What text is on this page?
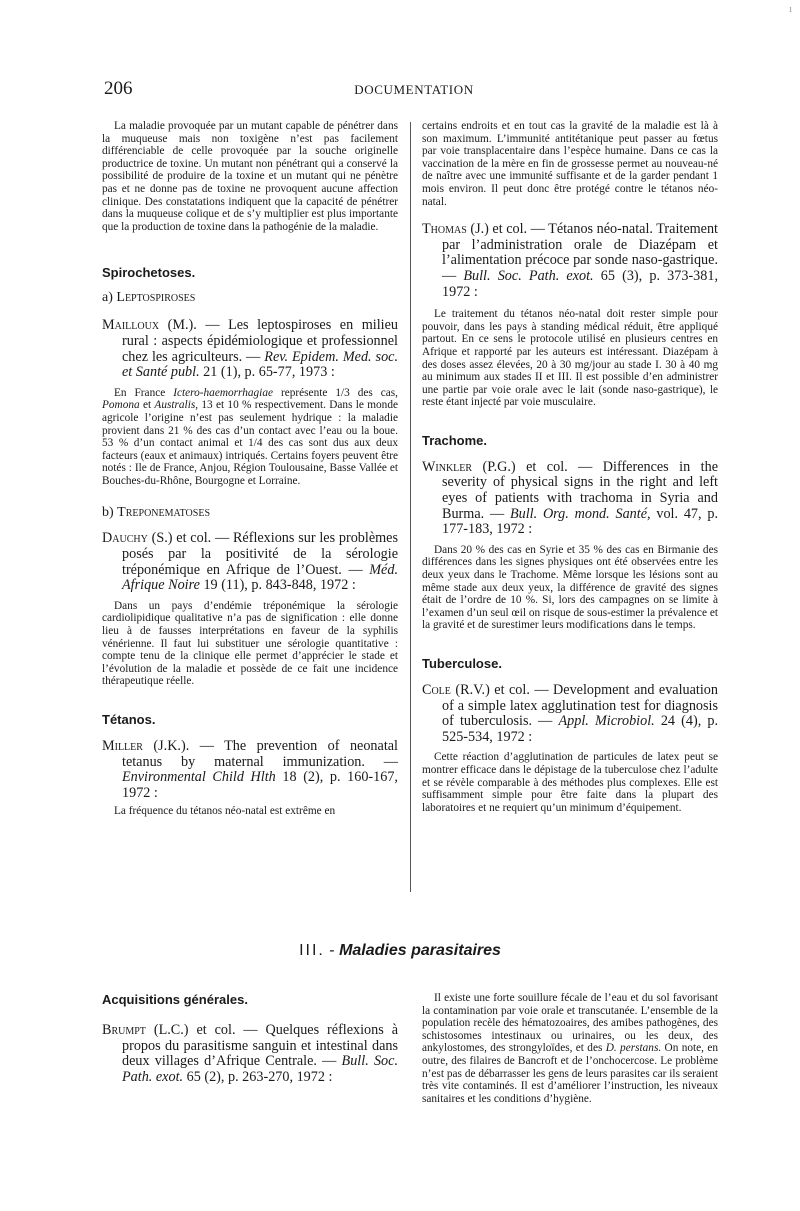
ı
206	DOCUMENTATION

La maladie provoquée par un mutant capable de pénétrer dans la muqueuse mais non toxigène n’est pas facilement différenciable de celle provoquée par la souche originelle productrice de toxine. Un mutant non pénétrant qui a conservé la possibilité de produire de la toxine et un mutant qui ne pénètre pas et ne donne pas de toxine ne provoquent aucune affection clinique. Des constatations indiquent que la capacité de pénétrer dans la muqueuse colique et de s’y multiplier est plus importante que la production de toxine dans la pathogénie de la maladie.

Spirochetoses.

a) Leptospiroses

Mailloux (M.). — Les leptospiroses en milieu rural : aspects épidémiologique et professionnel chez les agriculteurs. — Rev. Epidem. Med. soc. et Santé publ. 21 (1), p. 65-77, 1973 :

En France Ictero-haemorrhagiae représente 1/3 des cas, Pomona et Australis, 13 et 10 % respectivement. Dans le monde agricole l’origine n’est pas seulement hydrique : la maladie provient dans 21 % des cas d’un contact avec l’eau ou la boue. 53 % d’un contact animal et 1/4 des cas sont dus aux deux facteurs (eaux et animaux) intriqués. Certains foyers peuvent être notés : Ile de France, Anjou, Région Toulousaine, Basse Vallée et Bouches-du-Rhône, Bourgogne et Lorraine.

b) Treponematoses

Dauchy (S.) et col. — Réflexions sur les problèmes posés par la positivité de la sérologie tréponémique en Afrique de l’Ouest. — Méd. Afrique Noire 19 (11), p. 843-848, 1972 :

Dans un pays d’endémie tréponémique la sérologie cardiolipidique qualitative n’a pas de signification : elle donne lieu à de fausses interprétations en faveur de la syphilis vénérienne. Il faut lui substituer une sérologie quantitative : compte tenu de la clinique elle permet d’apprécier le stade et l’évolution de la maladie et possède de ce fait une incidence thérapeutique réelle.

Tétanos.

Miller (J.K.). — The prevention of neonatal tetanus by maternal immunization. — Environmental Child Hlth 18 (2), p. 160-167, 1972 :

La fréquence du tétanos néo-natal est extrême en

certains endroits et en tout cas la gravité de la maladie est là à son maximum. L’immunité antitétanique peut passer au fœtus par voie transplacentaire dans l’espèce humaine. Dans ce cas la vaccination de la mère en fin de grossesse permet au nouveau-né de naître avec une immunité suffisante et de la garder pendant 1 mois environ. Il peut donc être protégé contre le tétanos néo-natal.

Thomas (J.) et col. — Tétanos néo-natal. Traitement par l’administration orale de Diazépam et l’alimentation précoce par sonde naso-gastrique. — Bull. Soc. Path. exot. 65 (3), p. 373-381, 1972 :

Le traitement du tétanos néo-natal doit rester simple pour pouvoir, dans les pays à standing médical réduit, être appliqué partout. En ce sens le protocole utilisé en plusieurs centres en Afrique et rapporté par les auteurs est intéressant. Diazépam à des doses assez élevées, 20 à 30 mg/jour au stade I. 30 à 40 mg au minimum aux stades II et III. Il est possible d’en administrer une partie par voie orale avec le lait (sonde naso-gastrique), le reste étant injecté par voie musculaire.

Trachome.

Winkler (P.G.) et col. — Differences in the severity of physical signs in the right and left eyes of patients with trachoma in Syria and Burma. — Bull. Org. mond. Santé, vol. 47, p. 177-183, 1972 :

Dans 20 % des cas en Syrie et 35 % des cas en Birmanie des différences dans les signes physiques ont été observées entre les deux yeux dans le Trachome. Même lorsque les lésions sont au même stade aux deux yeux, la différence de gravité des signes était de l’ordre de 10 %. Si, lors des campagnes on se limite à l’examen d’un seul œil on risque de sous-estimer la prévalence et la gravité et de surestimer leurs modifications dans le temps.

Tuberculose.

Cole (R.V.) et col. — Development and evaluation of a simple latex agglutination test for diagnosis of tuberculosis. — Appl. Microbiol. 24 (4), p. 525-534, 1972 :

Cette réaction d’agglutination de particules de latex peut se montrer efficace dans le dépistage de la tuberculose chez l’adulte et se révèle comparable à des méthodes plus complexes. Elle est suffisamment simple pour être faite dans la plupart des laboratoires et ne requiert qu’un minimum d’équipement.

III. - Maladies parasitaires

Acquisitions générales.

Brumpt (L.C.) et col. — Quelques réflexions à propos du parasitisme sanguin et intestinal dans deux villages d’Afrique Centrale. — Bull. Soc. Path. exot. 65 (2), p. 263-270, 1972 :

Il existe une forte souillure fécale de l’eau et du sol favorisant la contamination par voie orale et transcutanée. L’ensemble de la population recèle des hématozoaires, des amibes pathogènes, des schistosomes intestinaux ou urinaires, ou les deux, des ankylostomes, des strongyloïdes, et des D. perstans. On note, en outre, des filaires de Bancroft et de l’onchocercose. Le problème n’est pas de débarrasser les gens de leurs parasites car ils seraient très vite contaminés. Il est d’améliorer l’instruction, les niveaux sanitaires et les conditions d’hygiène.
